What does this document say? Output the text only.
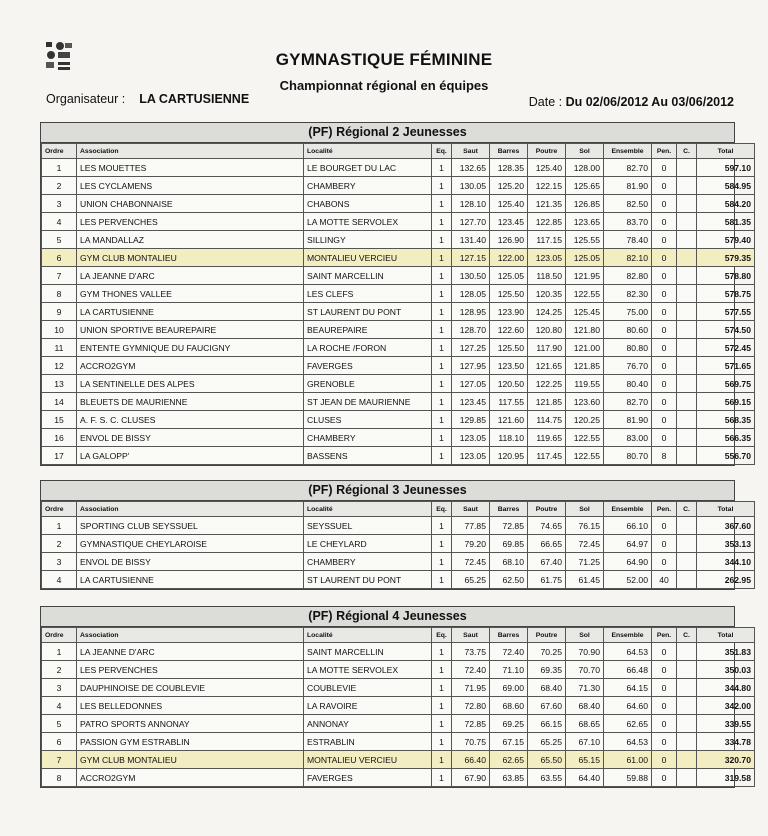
GYMNASTIQUE FÉMININE
Championnat régional en équipes
Organisateur : LA CARTUSIENNE	Date : Du 02/06/2012 Au 03/06/2012
(PF) Régional 2 Jeunesses
Ordre	Association	Localité	Eq.	Saut	Barres	Poutre	Sol	Ensemble	Pen.	C.	Total
1	LES MOUETTES	LE BOURGET DU LAC	1	132.65	128.35	125.40	128.00	82.70	0		597.10
2	LES CYCLAMENS	CHAMBERY	1	130.05	125.20	122.15	125.65	81.90	0		584.95
3	UNION CHABONNAISE	CHABONS	1	128.10	125.40	121.35	126.85	82.50	0		584.20
4	LES PERVENCHES	LA MOTTE SERVOLEX	1	127.70	123.45	122.85	123.65	83.70	0		581.35
5	LA MANDALLAZ	SILLINGY	1	131.40	126.90	117.15	125.55	78.40	0		579.40
6	GYM CLUB MONTALIEU	MONTALIEU VERCIEU	1	127.15	122.00	123.05	125.05	82.10	0		579.35
7	LA JEANNE D'ARC	SAINT MARCELLIN	1	130.50	125.05	118.50	121.95	82.80	0		578.80
8	GYM THONES VALLEE	LES CLEFS	1	128.05	125.50	120.35	122.55	82.30	0		578.75
9	LA CARTUSIENNE	ST LAURENT DU PONT	1	128.95	123.90	124.25	125.45	75.00	0		577.55
10	UNION SPORTIVE BEAUREPAIRE	BEAUREPAIRE	1	128.70	122.60	120.80	121.80	80.60	0		574.50
11	ENTENTE GYMNIQUE DU FAUCIGNY	LA ROCHE /FORON	1	127.25	125.50	117.90	121.00	80.80	0		572.45
12	ACCRO2GYM	FAVERGES	1	127.95	123.50	121.65	121.85	76.70	0		571.65
13	LA SENTINELLE DES ALPES	GRENOBLE	1	127.05	120.50	122.25	119.55	80.40	0		569.75
14	BLEUETS DE MAURIENNE	ST JEAN DE MAURIENNE	1	123.45	117.55	121.85	123.60	82.70	0		569.15
15	A. F. S. C. CLUSES	CLUSES	1	129.85	121.60	114.75	120.25	81.90	0		568.35
16	ENVOL DE BISSY	CHAMBERY	1	123.05	118.10	119.65	122.55	83.00	0		566.35
17	LA GALOPP'	BASSENS	1	123.05	120.95	117.45	122.55	80.70	8		556.70
(PF) Régional 3 Jeunesses
Ordre	Association	Localité	Eq.	Saut	Barres	Poutre	Sol	Ensemble	Pen.	C.	Total
1	SPORTING CLUB SEYSSUEL	SEYSSUEL	1	77.85	72.85	74.65	76.15	66.10	0		367.60
2	GYMNASTIQUE CHEYLAROISE	LE CHEYLARD	1	79.20	69.85	66.65	72.45	64.97	0		353.13
3	ENVOL DE BISSY	CHAMBERY	1	72.45	68.10	67.40	71.25	64.90	0		344.10
4	LA CARTUSIENNE	ST LAURENT DU PONT	1	65.25	62.50	61.75	61.45	52.00	40		262.95
(PF) Régional 4 Jeunesses
Ordre	Association	Localité	Eq.	Saut	Barres	Poutre	Sol	Ensemble	Pen.	C.	Total
1	LA JEANNE D'ARC	SAINT MARCELLIN	1	73.75	72.40	70.25	70.90	64.53	0		351.83
2	LES PERVENCHES	LA MOTTE SERVOLEX	1	72.40	71.10	69.35	70.70	66.48	0		350.03
3	DAUPHINOISE DE COUBLEVIE	COUBLEVIE	1	71.95	69.00	68.40	71.30	64.15	0		344.80
4	LES BELLEDONNES	LA RAVOIRE	1	72.80	68.60	67.60	68.40	64.60	0		342.00
5	PATRO SPORTS ANNONAY	ANNONAY	1	72.85	69.25	66.15	68.65	62.65	0		339.55
6	PASSION GYM ESTRABLIN	ESTRABLIN	1	70.75	67.15	65.25	67.10	64.53	0		334.78
7	GYM CLUB MONTALIEU	MONTALIEU VERCIEU	1	66.40	62.65	65.50	65.15	61.00	0		320.70
8	ACCRO2GYM	FAVERGES	1	67.90	63.85	63.55	64.40	59.88	0		319.58
